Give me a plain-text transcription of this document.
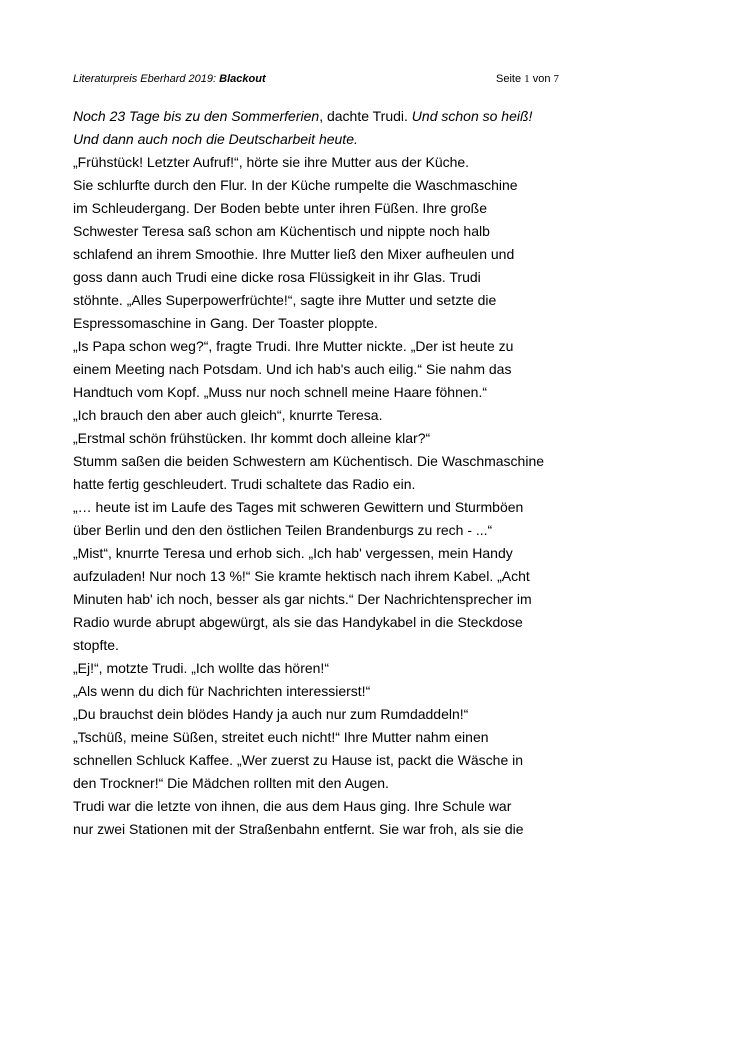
Literaturpreis Eberhard 2019: Blackout	Seite 1 von 7
Noch 23 Tage bis zu den Sommerferien, dachte Trudi. Und schon so heiß!
Und dann auch noch die Deutscharbeit heute.
„Frühstück! Letzter Aufruf!“, hörte sie ihre Mutter aus der Küche.
Sie schlurfte durch den Flur. In der Küche rumpelte die Waschmaschine
im Schleudergang. Der Boden bebte unter ihren Füßen. Ihre große
Schwester Teresa saß schon am Küchentisch und nippte noch halb
schlafend an ihrem Smoothie. Ihre Mutter ließ den Mixer aufheulen und
goss dann auch Trudi eine dicke rosa Flüssigkeit in ihr Glas. Trudi
stöhnte. „Alles Superpowerfrüchte!“, sagte ihre Mutter und setzte die
Espressomaschine in Gang. Der Toaster ploppte.
„Is Papa schon weg?“, fragte Trudi. Ihre Mutter nickte. „Der ist heute zu
einem Meeting nach Potsdam. Und ich hab's auch eilig.“ Sie nahm das
Handtuch vom Kopf. „Muss nur noch schnell meine Haare föhnen.“
„Ich brauch den aber auch gleich“, knurrte Teresa.
„Erstmal schön frühstücken. Ihr kommt doch alleine klar?“
Stumm saßen die beiden Schwestern am Küchentisch. Die Waschmaschine
hatte fertig geschleudert. Trudi schaltete das Radio ein.
„… heute ist im Laufe des Tages mit schweren Gewittern und Sturmböen
über Berlin und den den östlichen Teilen Brandenburgs zu rech - ...“
„Mist“, knurrte Teresa und erhob sich. „Ich hab' vergessen, mein Handy
aufzuladen! Nur noch 13 %!“ Sie kramte hektisch nach ihrem Kabel. „Acht
Minuten hab' ich noch, besser als gar nichts.“ Der Nachrichtensprecher im
Radio wurde abrupt abgewürgt, als sie das Handykabel in die Steckdose
stopfte.
„Ej!“, motzte Trudi. „Ich wollte das hören!“
„Als wenn du dich für Nachrichten interessierst!“
„Du brauchst dein blödes Handy ja auch nur zum Rumdaddeln!“
„Tschüß, meine Süßen, streitet euch nicht!“ Ihre Mutter nahm einen
schnellen Schluck Kaffee. „Wer zuerst zu Hause ist, packt die Wäsche in
den Trockner!“ Die Mädchen rollten mit den Augen.
Trudi war die letzte von ihnen, die aus dem Haus ging. Ihre Schule war
nur zwei Stationen mit der Straßenbahn entfernt. Sie war froh, als sie die
